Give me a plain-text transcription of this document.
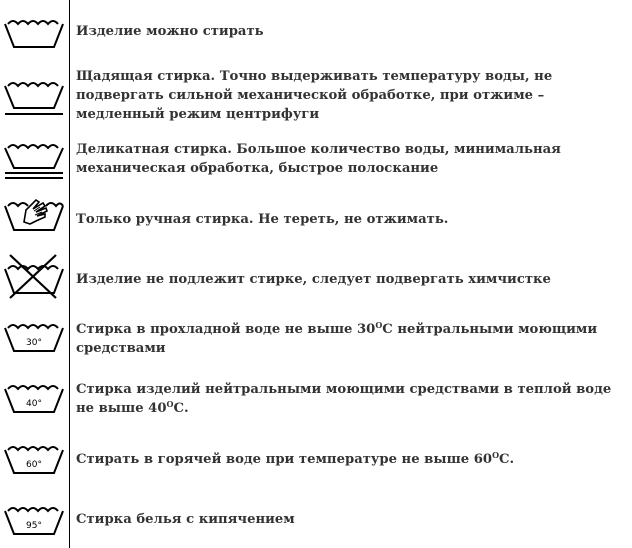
Изделие можно стирать
Щадящая стирка. Точно выдерживать температуру воды, не подвергать сильной механической обработке, при отжиме – медленный режим центрифуги
Деликатная стирка. Большое количество воды, минимальная механическая обработка, быстрое полоскание
Только ручная стирка. Не тереть, не отжимать.
Изделие не подлежит стирке, следует подвергать химчистке
30°
Стирка в прохладной воде не выше $30^OС$ нейтральными моющими средствами
40°
Стирка изделий нейтральными моющими средствами в теплой воде не выше $40^OС$.
60°	Стирать в горячей воде при температуре не выше $60^OС$.
95°	Стирка белья с кипячением
